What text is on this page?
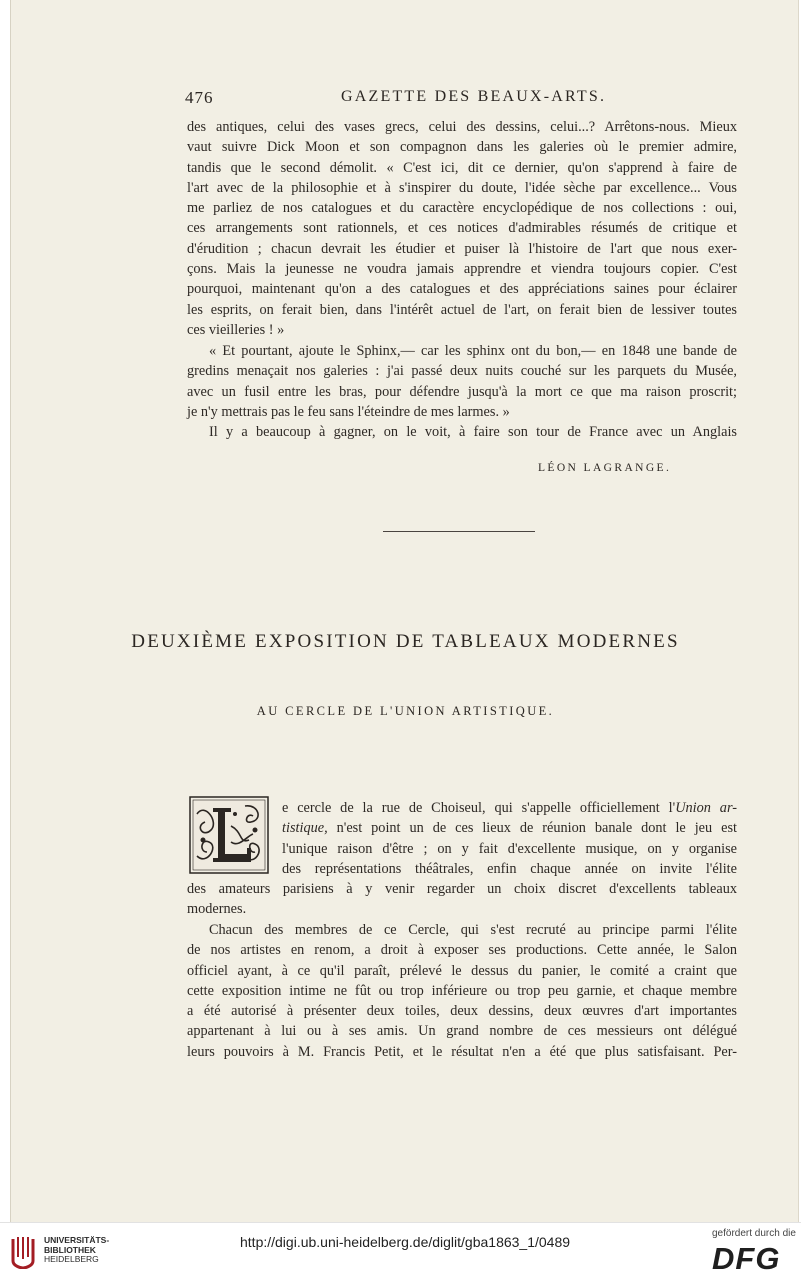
476	GAZETTE DES BEAUX-ARTS.
des antiques, celui des vases grecs, celui des dessins, celui...? Arrêtons-nous. Mieux
vaut suivre Dick Moon et son compagnon dans les galeries où le premier admire,
tandis que le second démolit. « C'est ici, dit ce dernier, qu'on s'apprend à faire de
l'art avec de la philosophie et à s'inspirer du doute, l'idée sèche par excellence... Vous
me parliez de nos catalogues et du caractère encyclopédique de nos collections : oui,
ces arrangements sont rationnels, et ces notices d'admirables résumés de critique et
d'érudition ; chacun devrait les étudier et puiser là l'histoire de l'art que nous exer-
çons. Mais la jeunesse ne voudra jamais apprendre et viendra toujours copier. C'est
pourquoi, maintenant qu'on a des catalogues et des appréciations saines pour éclairer
les esprits, on ferait bien, dans l'intérêt actuel de l'art, on ferait bien de lessiver toutes
ces vieilleries ! »
« Et pourtant, ajoute le Sphinx,— car les sphinx ont du bon,— en 1848 une bande de
gredins menaçait nos galeries : j'ai passé deux nuits couché sur les parquets du Musée,
avec un fusil entre les bras, pour défendre jusqu'à la mort ce que ma raison proscrit;
je n'y mettrais pas le feu sans l'éteindre de mes larmes. »
Il y a beaucoup à gagner, on le voit, à faire son tour de France avec un Anglais
LÉON LAGRANGE.
DEUXIÈME EXPOSITION DE TABLEAUX MODERNES
AU CERCLE DE L'UNION ARTISTIQUE.
L
e cercle de la rue de Choiseul, qui s'appelle officiellement l'Union ar-
tistique, n'est point un de ces lieux de réunion banale dont le jeu est
l'unique raison d'être ; on y fait d'excellente musique, on y organise
des représentations théâtrales, enfin chaque année on invite l'élite
des amateurs parisiens à y venir regarder un choix discret d'excellents tableaux
modernes.
Chacun des membres de ce Cercle, qui s'est recruté au principe parmi l'élite
de nos artistes en renom, a droit à exposer ses productions. Cette année, le Salon
officiel ayant, à ce qu'il paraît, prélevé le dessus du panier, le comité a craint que
cette exposition intime ne fût ou trop inférieure ou trop peu garnie, et chaque membre
a été autorisé à présenter deux toiles, deux dessins, deux œuvres d'art importantes
appartenant à lui ou à ses amis. Un grand nombre de ces messieurs ont délégué
leurs pouvoirs à M. Francis Petit, et le résultat n'en a été que plus satisfaisant. Per-
UNIVERSITÄTS-
BIBLIOTHEK
HEIDELBERG
http://digi.ub.uni-heidelberg.de/diglit/gba1863_1/0489
gefördert durch die
DFG
